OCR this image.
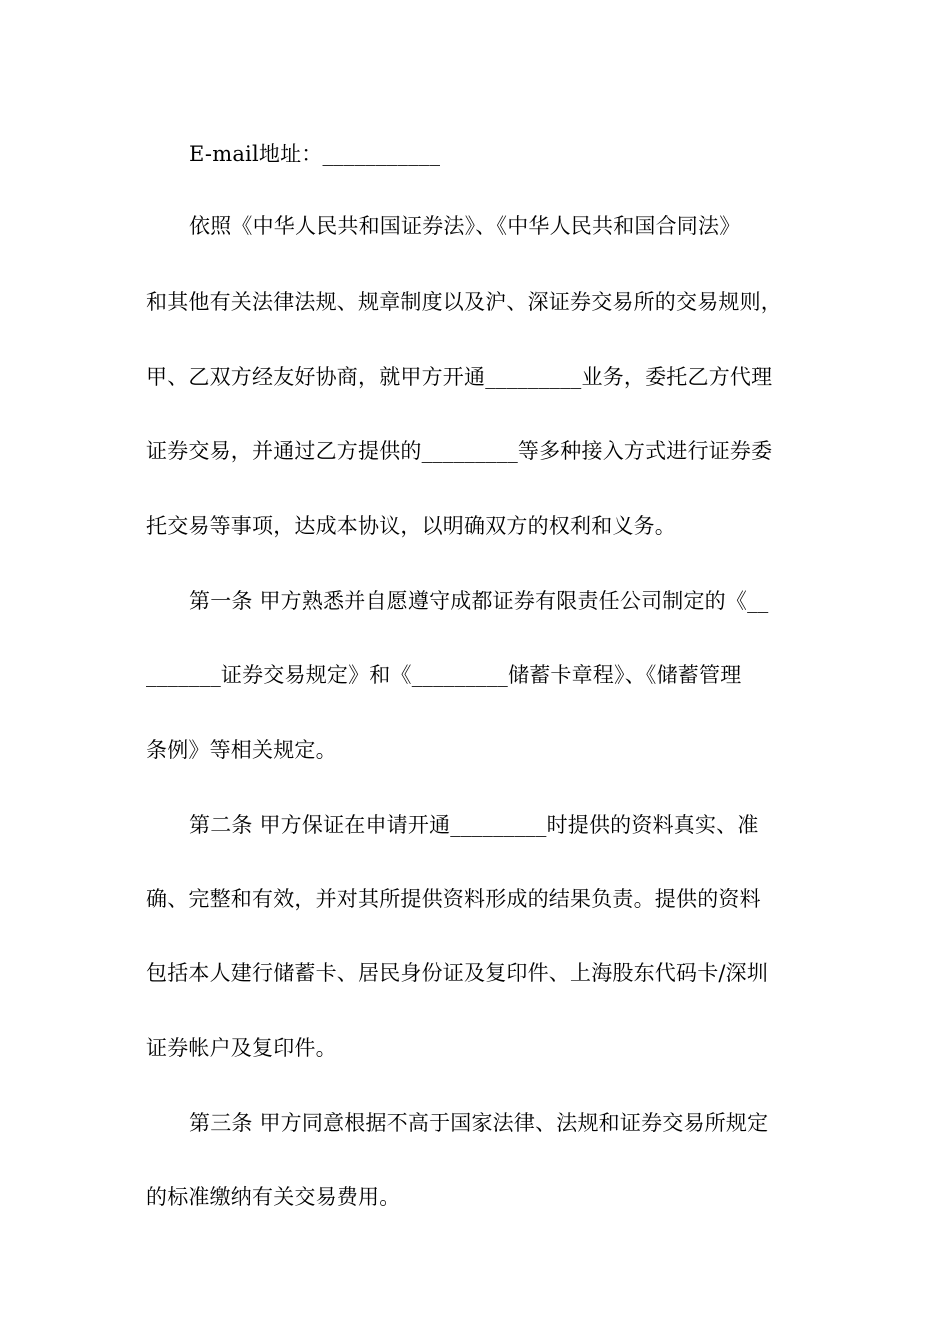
E-mail地址：___________
依照《中华人民共和国证券法》、《中华人民共和国合同法》
和其他有关法律法规、规章制度以及沪、深证券交易所的交易规则，
甲、乙双方经友好协商，就甲方开通_________业务，委托乙方代理
证券交易，并通过乙方提供的_________等多种接入方式进行证券委
托交易等事项，达成本协议，以明确双方的权利和义务。
第一条 甲方熟悉并自愿遵守成都证券有限责任公司制定的《__
_______证券交易规定》和《_________储蓄卡章程》、《储蓄管理
条例》等相关规定。
第二条 甲方保证在申请开通_________时提供的资料真实、准
确、完整和有效，并对其所提供资料形成的结果负责。提供的资料
包括本人建行储蓄卡、居民身份证及复印件、上海股东代码卡/深圳
证券帐户及复印件。
第三条 甲方同意根据不高于国家法律、法规和证券交易所规定
的标准缴纳有关交易费用。
